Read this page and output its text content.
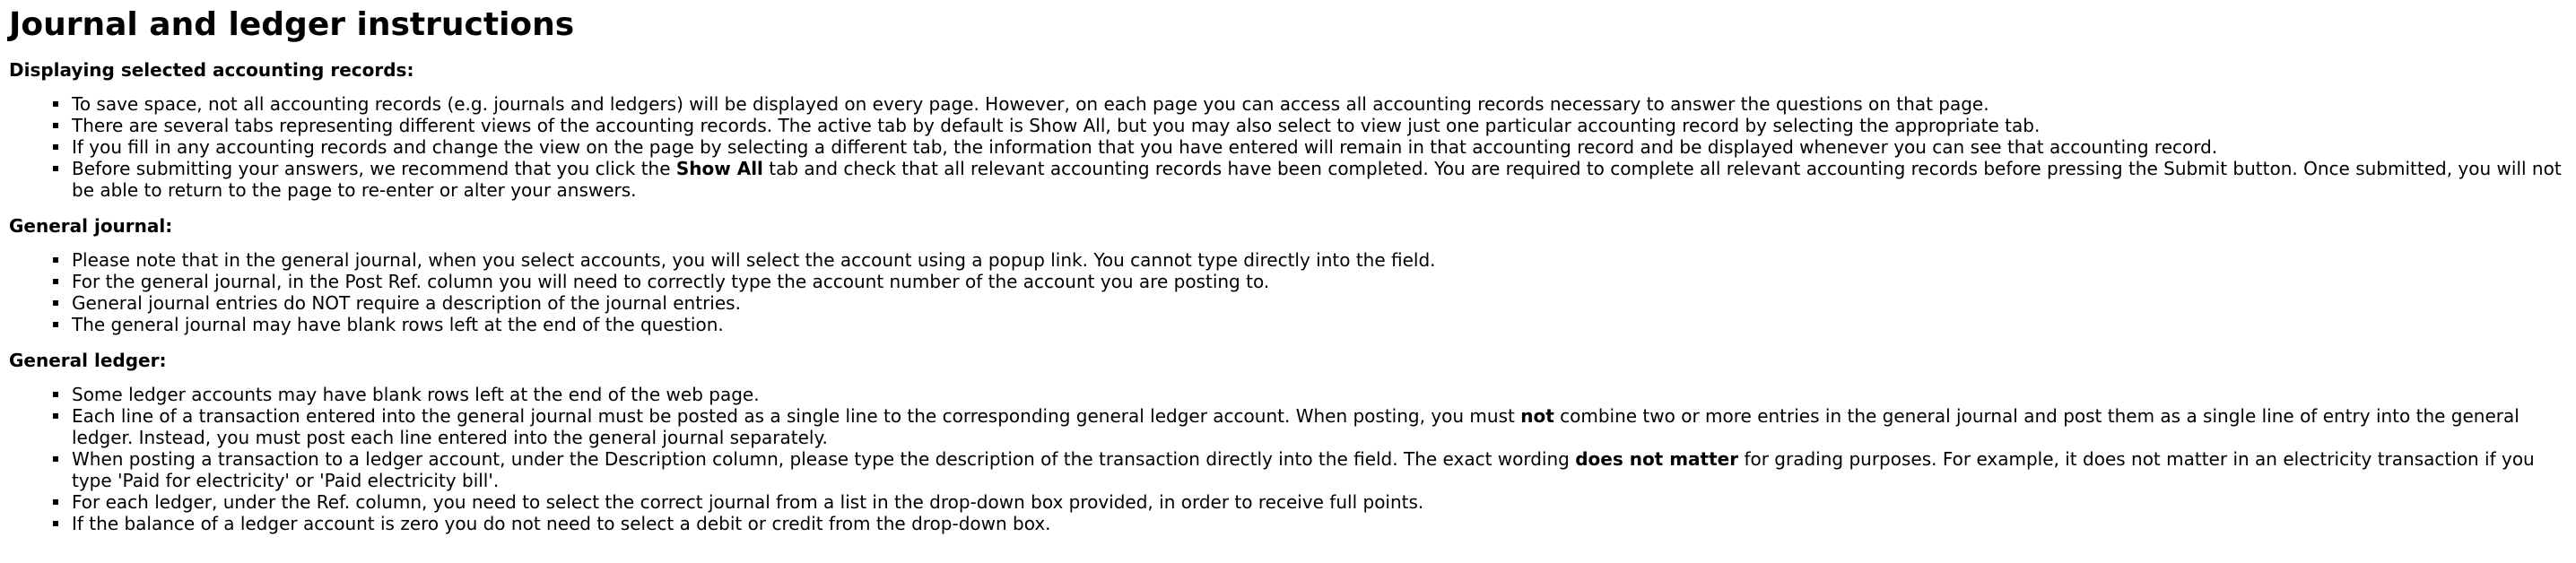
Journal and ledger instructions
Displaying selected accounting records:
To save space, not all accounting records (e.g. journals and ledgers) will be displayed on every page. However, on each page you can access all accounting records necessary to answer the questions on that page.
There are several tabs representing different views of the accounting records. The active tab by default is Show All, but you may also select to view just one particular accounting record by selecting the appropriate tab.
If you fill in any accounting records and change the view on the page by selecting a different tab, the information that you have entered will remain in that accounting record and be displayed whenever you can see that accounting record.
Before submitting your answers, we recommend that you click the Show All tab and check that all relevant accounting records have been completed. You are required to complete all relevant accounting records before pressing the Submit button. Once submitted, you will not be able to return to the page to re-enter or alter your answers.
General journal:
Please note that in the general journal, when you select accounts, you will select the account using a popup link. You cannot type directly into the field.
For the general journal, in the Post Ref. column you will need to correctly type the account number of the account you are posting to.
General journal entries do NOT require a description of the journal entries.
The general journal may have blank rows left at the end of the question.
General ledger:
Some ledger accounts may have blank rows left at the end of the web page.
Each line of a transaction entered into the general journal must be posted as a single line to the corresponding general ledger account. When posting, you must not combine two or more entries in the general journal and post them as a single line of entry into the general ledger. Instead, you must post each line entered into the general journal separately.
When posting a transaction to a ledger account, under the Description column, please type the description of the transaction directly into the field. The exact wording does not matter for grading purposes. For example, it does not matter in an electricity transaction if you type 'Paid for electricity' or 'Paid electricity bill'.
For each ledger, under the Ref. column, you need to select the correct journal from a list in the drop-down box provided, in order to receive full points.
If the balance of a ledger account is zero you do not need to select a debit or credit from the drop-down box.
